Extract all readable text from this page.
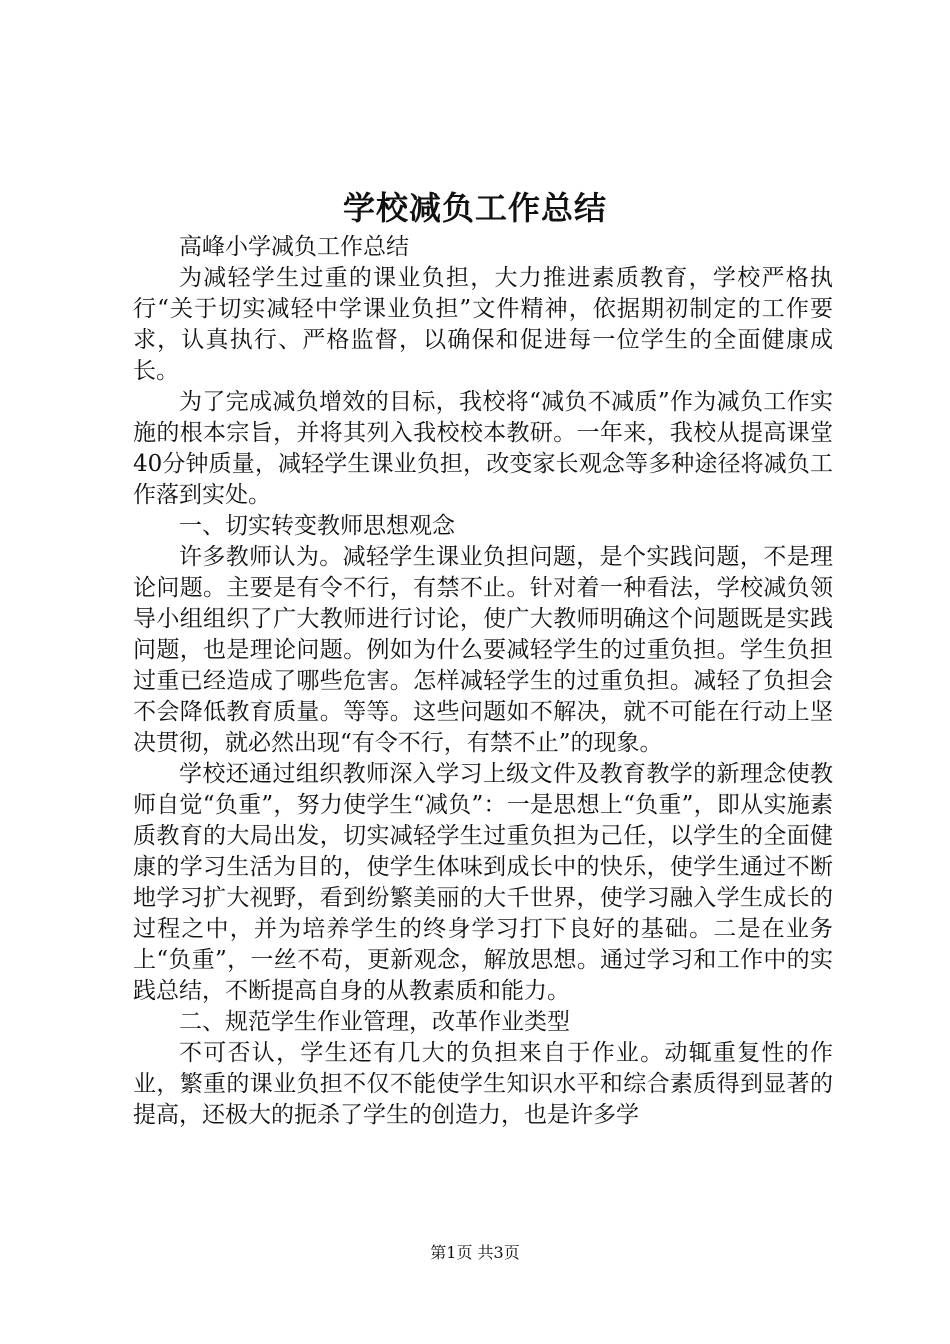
学校减负工作总结

高峰小学减负工作总结

为减轻学生过重的课业负担，大力推进素质教育，学校严格执行“关于切实减轻中学课业负担”文件精神，依据期初制定的工作要求，认真执行、严格监督，以确保和促进每一位学生的全面健康成长。

为了完成减负增效的目标，我校将“减负不减质”作为减负工作实施的根本宗旨，并将其列入我校校本教研。一年来，我校从提高课堂40分钟质量，减轻学生课业负担，改变家长观念等多种途径将减负工作落到实处。

一、切实转变教师思想观念

许多教师认为。减轻学生课业负担问题，是个实践问题，不是理论问题。主要是有令不行，有禁不止。针对着一种看法，学校减负领导小组组织了广大教师进行讨论，使广大教师明确这个问题既是实践问题，也是理论问题。例如为什么要减轻学生的过重负担。学生负担过重已经造成了哪些危害。怎样减轻学生的过重负担。减轻了负担会不会降低教育质量。等等。这些问题如不解决，就不可能在行动上坚决贯彻，就必然出现“有令不行，有禁不止”的现象。

学校还通过组织教师深入学习上级文件及教育教学的新理念使教师自觉“负重”，努力使学生“减负”：一是思想上“负重”，即从实施素质教育的大局出发，切实减轻学生过重负担为己任，以学生的全面健康的学习生活为目的，使学生体味到成长中的快乐，使学生通过不断地学习扩大视野，看到纷繁美丽的大千世界，使学习融入学生成长的过程之中，并为培养学生的终身学习打下良好的基础。二是在业务上“负重”，一丝不苟，更新观念，解放思想。通过学习和工作中的实践总结，不断提高自身的从教素质和能力。

二、规范学生作业管理，改革作业类型

不可否认，学生还有几大的负担来自于作业。动辄重复性的作业，繁重的课业负担不仅不能使学生知识水平和综合素质得到显著的提高，还极大的扼杀了学生的创造力，也是许多学

第1页 共3页
